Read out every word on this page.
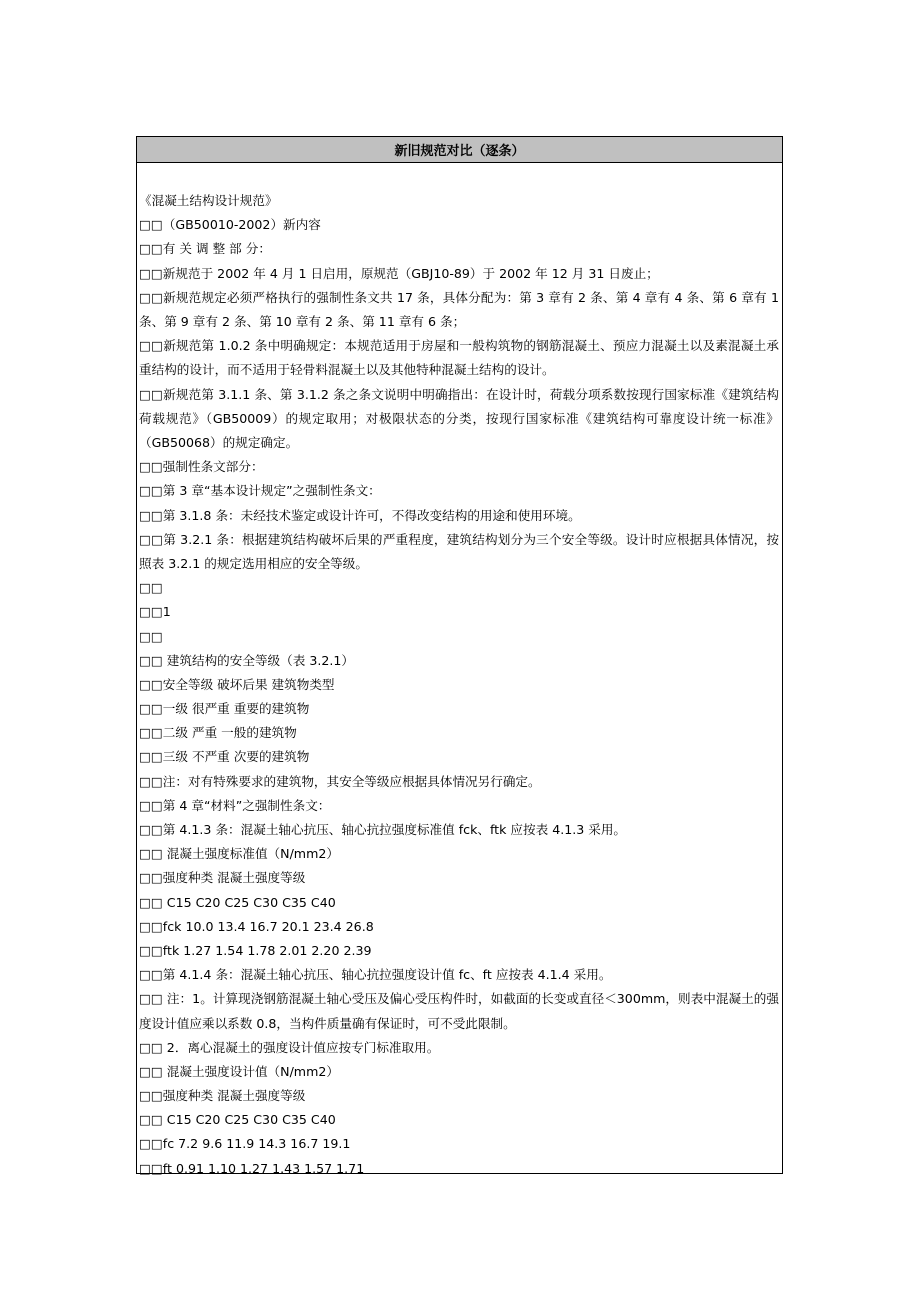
新旧规范对比（逐条）
《混凝土结构设计规范》
□□（GB50010-2002）新内容
□□有 关 调 整 部 分：
□□新规范于 2002 年 4 月 1 日启用，原规范（GBJ10-89）于 2002 年 12 月 31 日废止；
□□新规范规定必须严格执行的强制性条文共 17 条，具体分配为：第 3 章有 2 条、第 4 章有 4 条、第 6 章有 1 条、第 9 章有 2 条、第 10 章有 2 条、第 11 章有 6 条；
□□新规范第 1.0.2 条中明确规定：本规范适用于房屋和一般构筑物的钢筋混凝土、预应力混凝土以及素混凝土承重结构的设计，而不适用于轻骨料混凝土以及其他特种混凝土结构的设计。
□□新规范第 3.1.1 条、第 3.1.2 条之条文说明中明确指出：在设计时，荷载分项系数按现行国家标准《建筑结构荷载规范》（GB50009）的规定取用；对极限状态的分类，按现行国家标准《建筑结构可靠度设计统一标准》（GB50068）的规定确定。
□□强制性条文部分：
□□第 3 章“基本设计规定”之强制性条文：
□□第 3.1.8 条：未经技术鉴定或设计许可，不得改变结构的用途和使用环境。
□□第 3.2.1 条：根据建筑结构破坏后果的严重程度，建筑结构划分为三个安全等级。设计时应根据具体情况，按照表 3.2.1 的规定选用相应的安全等级。
□□
□□1
□□
□□ 建筑结构的安全等级（表 3.2.1）
□□安全等级 破坏后果 建筑物类型
□□一级 很严重 重要的建筑物
□□二级 严重 一般的建筑物
□□三级 不严重 次要的建筑物
□□注：对有特殊要求的建筑物，其安全等级应根据具体情况另行确定。
□□第 4 章“材料”之强制性条文：
□□第 4.1.3 条：混凝土轴心抗压、轴心抗拉强度标准值 fck、ftk 应按表 4.1.3 采用。
□□ 混凝土强度标准值（N/mm2）
□□强度种类 混凝土强度等级
□□ C15 C20 C25 C30 C35 C40
□□fck 10.0 13.4 16.7 20.1 23.4 26.8
□□ftk 1.27 1.54 1.78 2.01 2.20 2.39
□□第 4.1.4 条：混凝土轴心抗压、轴心抗拉强度设计值 fc、ft 应按表 4.1.4 采用。
□□ 注：1。计算现浇钢筋混凝土轴心受压及偏心受压构件时，如截面的长变或直径＜300mm，则表中混凝土的强度设计值应乘以系数 0.8，当构件质量确有保证时，可不受此限制。
□□ 2．离心混凝土的强度设计值应按专门标准取用。
□□ 混凝土强度设计值（N/mm2）
□□强度种类 混凝土强度等级
□□ C15 C20 C25 C30 C35 C40
□□fc 7.2 9.6 11.9 14.3 16.7 19.1
□□ft 0.91 1.10 1.27 1.43 1.57 1.71
